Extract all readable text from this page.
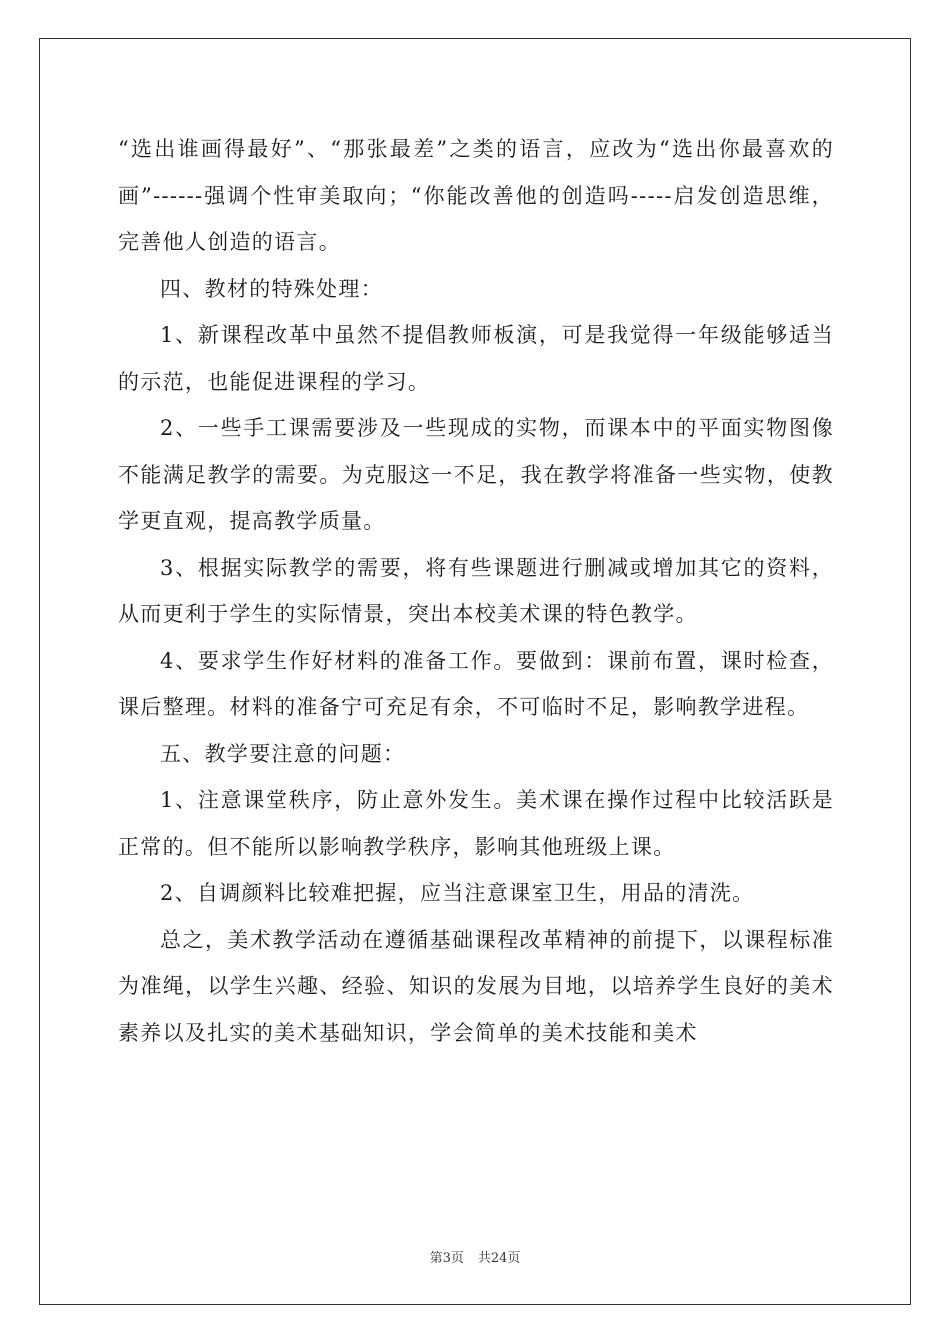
“选出谁画得最好”、“那张最差”之类的语言，应改为“选出你最喜欢的画”------强调个性审美取向；“你能改善他的创造吗-----启发创造思维，完善他人创造的语言。

四、教材的特殊处理：

1、新课程改革中虽然不提倡教师板演，可是我觉得一年级能够适当的示范，也能促进课程的学习。

2、一些手工课需要涉及一些现成的实物，而课本中的平面实物图像不能满足教学的需要。为克服这一不足，我在教学将准备一些实物，使教学更直观，提高教学质量。

3、根据实际教学的需要，将有些课题进行删减或增加其它的资料，从而更利于学生的实际情景，突出本校美术课的特色教学。

4、要求学生作好材料的准备工作。要做到：课前布置，课时检查，课后整理。材料的准备宁可充足有余，不可临时不足，影响教学进程。

五、教学要注意的问题：

1、注意课堂秩序，防止意外发生。美术课在操作过程中比较活跃是正常的。但不能所以影响教学秩序，影响其他班级上课。

2、自调颜料比较难把握，应当注意课室卫生，用品的清洗。

总之，美术教学活动在遵循基础课程改革精神的前提下，以课程标准为准绳，以学生兴趣、经验、知识的发展为目地，以培养学生良好的美术素养以及扎实的美术基础知识，学会简单的美术技能和美术

第3页 共24页
